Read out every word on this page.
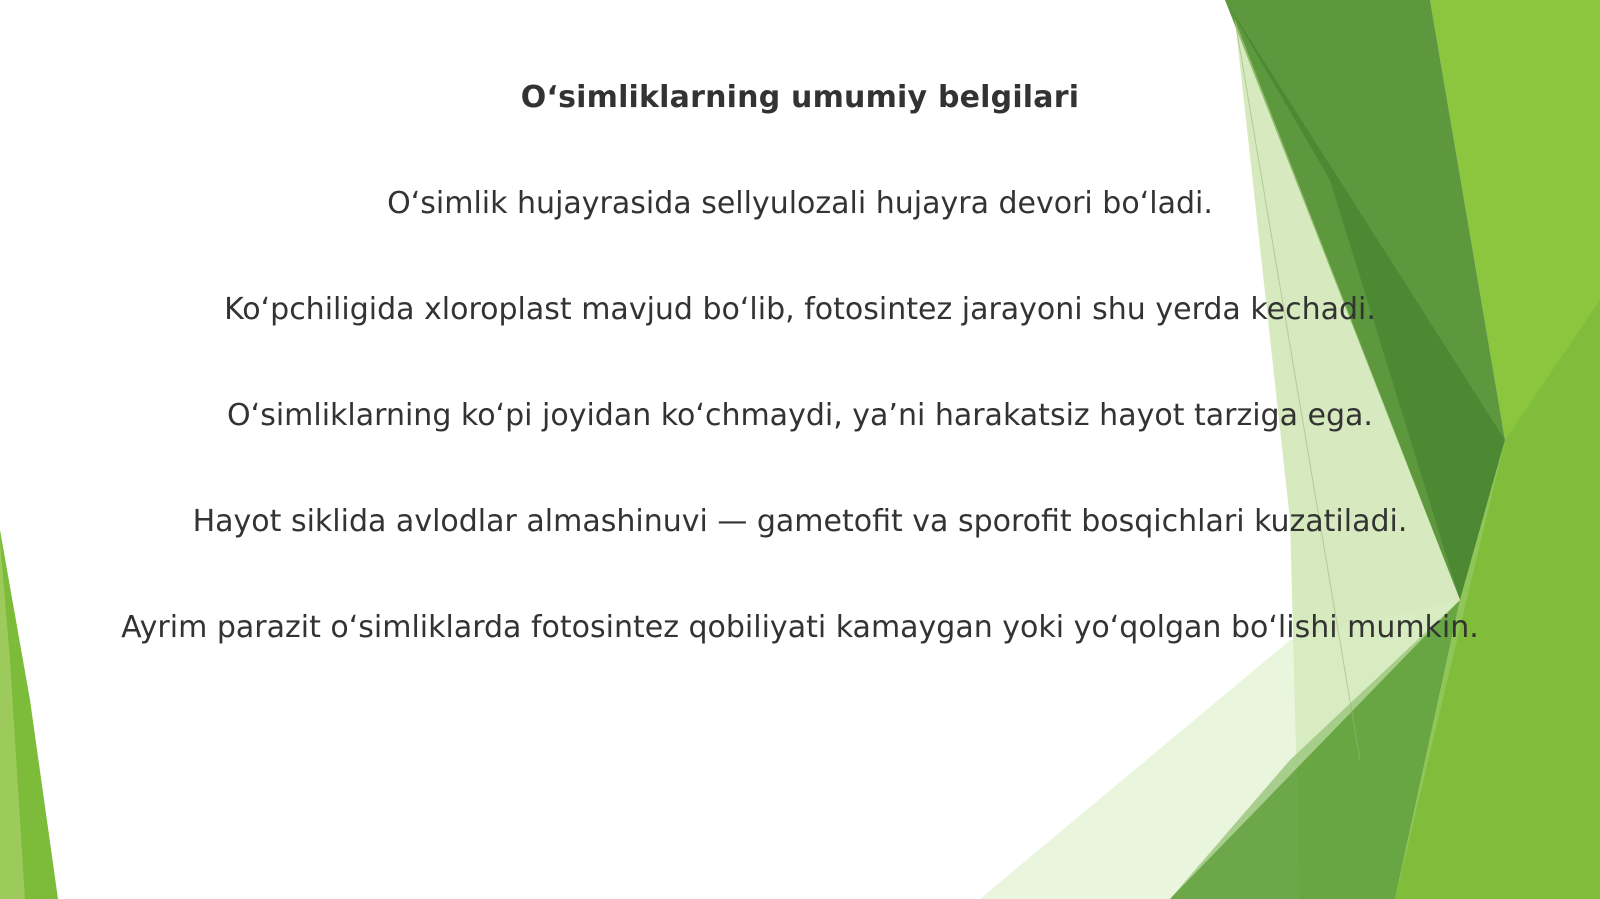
O‘simliklarning umumiy belgilari
O‘simlik hujayrasida sellyulozali hujayra devori bo‘ladi.
Ko‘pchiligida xloroplast mavjud bo‘lib, fotosintez jarayoni shu yerda kechadi.
O‘simliklarning ko‘pi joyidan ko‘chmaydi, ya’ni harakatsiz hayot tarziga ega.
Hayot siklida avlodlar almashinuvi — gametofit va sporofit bosqichlari kuzatiladi.
Ayrim parazit o‘simliklarda fotosintez qobiliyati kamaygan yoki yo‘qolgan bo‘lishi mumkin.
